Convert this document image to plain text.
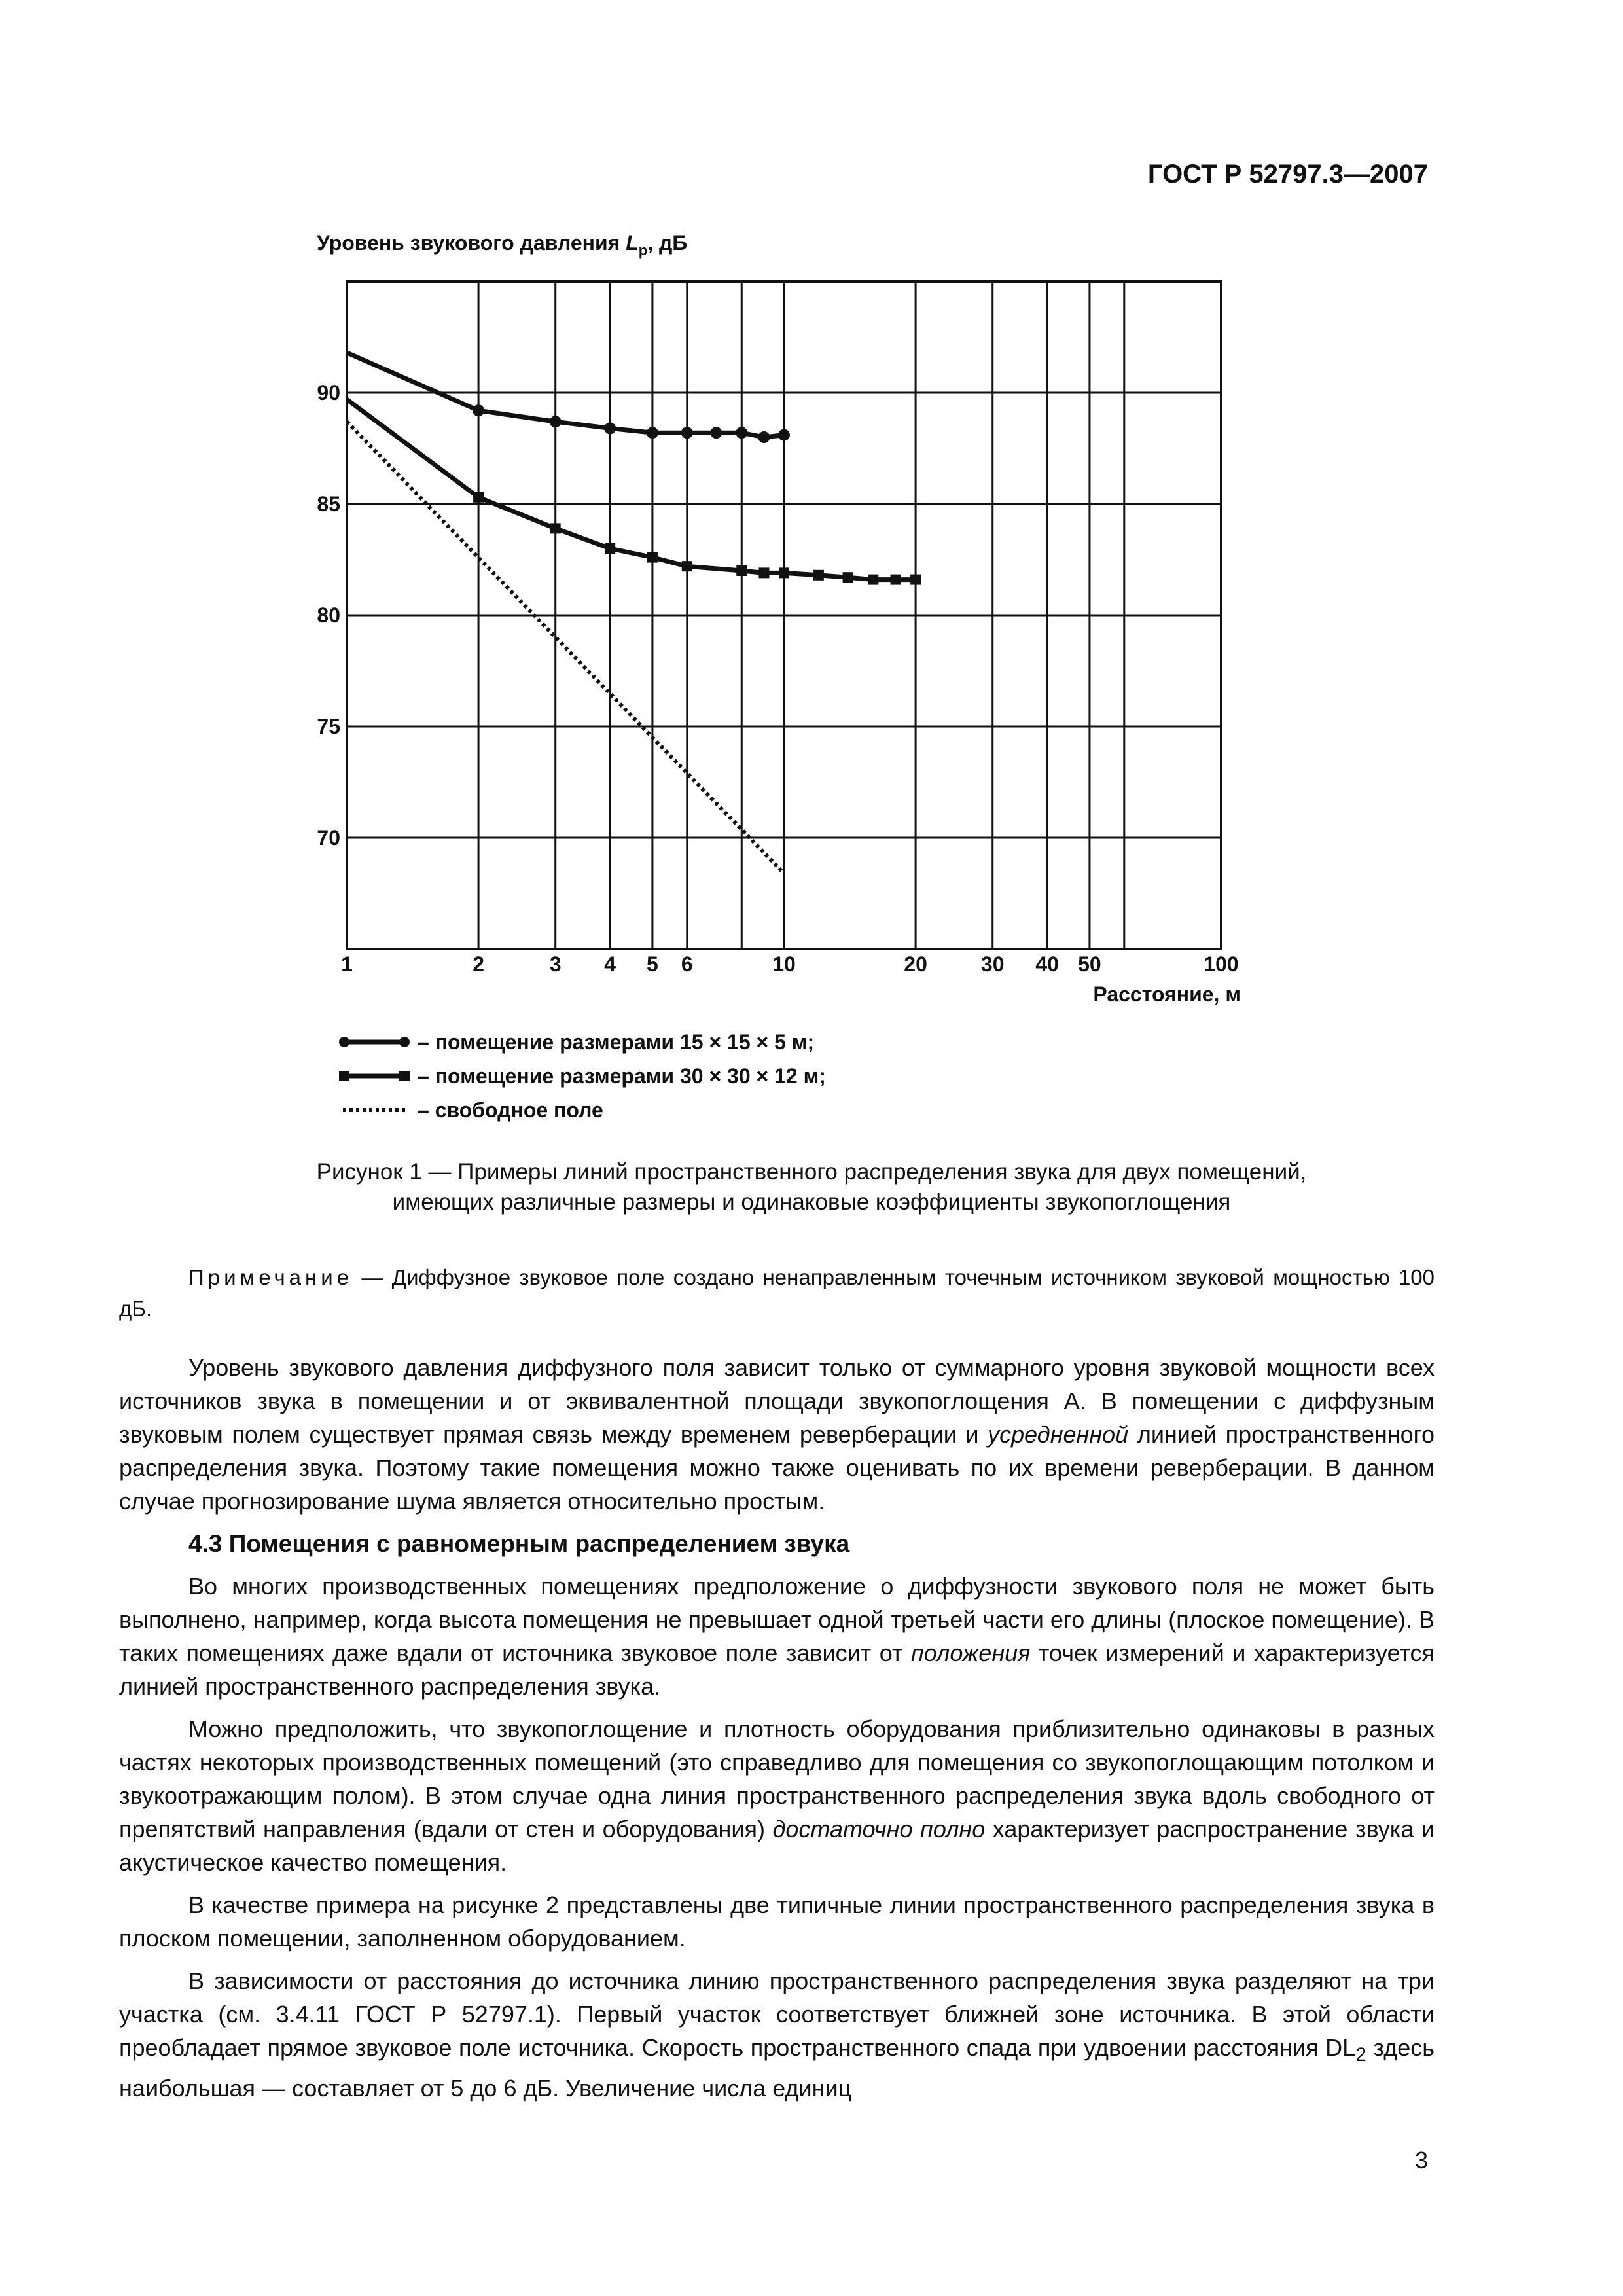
ГОСТ Р 52797.3—2007
1	2	3 4 5 6	10	20	30 40 50	100
70
75
80
85
90
Уровень звукового давления $L_p$, дБ
Расстояние, м
– помещение размерами 15 × 15 × 5 м;
– помещение размерами 30 × 30 × 12 м;
– свободное поле
Рисунок 1 — Примеры линий пространственного распределения звука для двух помещений,
имеющих различные размеры и одинаковые коэффициенты звукопоглощения

Примечание — Диффузное звуковое поле создано ненаправленным точечным источником звуковой мощностью 100 дБ.

Уровень звукового давления диффузного поля зависит только от суммарного уровня звуковой мощности всех источников звука в помещении и от эквивалентной площади звукопоглощения A. В помещении с диффузным звуковым полем существует прямая связь между временем реверберации и усредненной линией пространственного распределения звука. Поэтому такие помещения можно также оценивать по их времени реверберации. В данном случае прогнозирование шума является относительно простым.

4.3 Помещения с равномерным распределением звука

Во многих производственных помещениях предположение о диффузности звукового поля не может быть выполнено, например, когда высота помещения не превышает одной третьей части его длины (плоское помещение). В таких помещениях даже вдали от источника звуковое поле зависит от положения точек измерений и характеризуется линией пространственного распределения звука.

Можно предположить, что звукопоглощение и плотность оборудования приблизительно одинаковы в разных частях некоторых производственных помещений (это справедливо для помещения со звукопоглощающим потолком и звукоотражающим полом). В этом случае одна линия пространственного распределения звука вдоль свободного от препятствий направления (вдали от стен и оборудования) достаточно полно характеризует распространение звука и акустическое качество помещения.

В качестве примера на рисунке 2 представлены две типичные линии пространственного распределения звука в плоском помещении, заполненном оборудованием.

В зависимости от расстояния до источника линию пространственного распределения звука разделяют на три участка (см. 3.4.11 ГОСТ Р 52797.1). Первый участок соответствует ближней зоне источника. В этой области преобладает прямое звуковое поле источника. Скорость пространственного спада при удвоении расстояния $DL_2$ здесь наибольшая — составляет от 5 до 6 дБ. Увеличение числа единиц

3
